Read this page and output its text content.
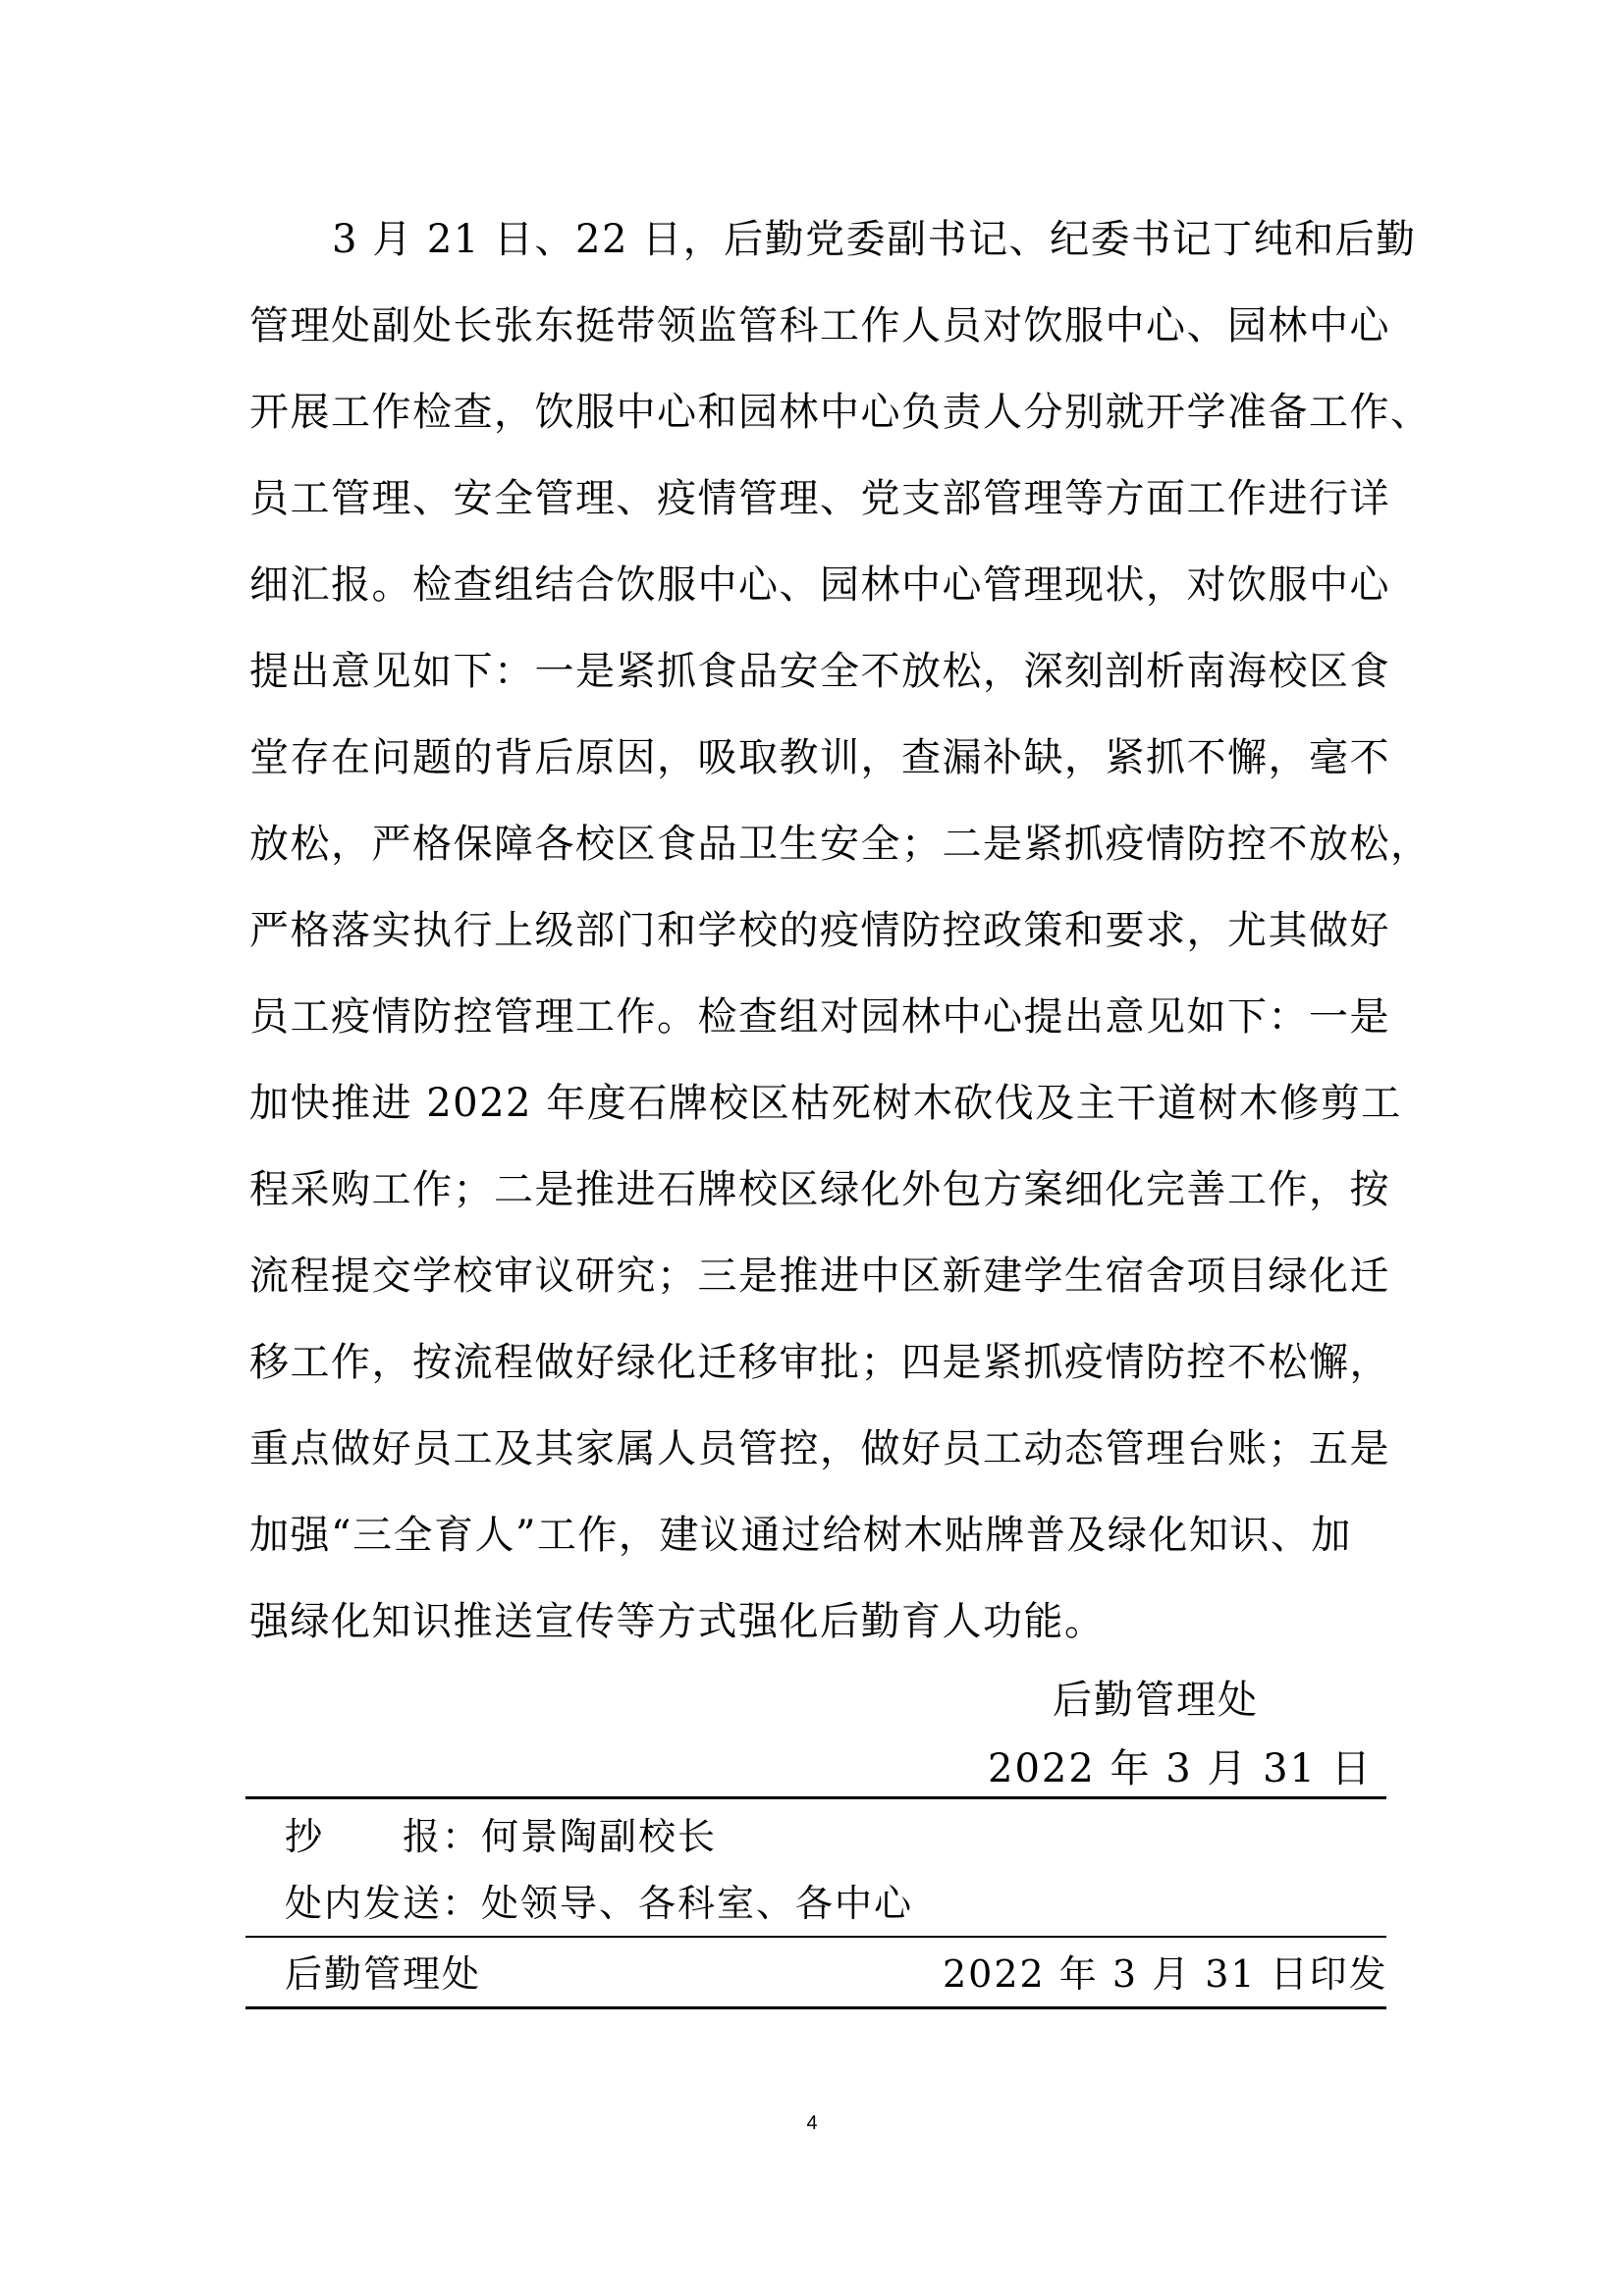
3 月 21 日、22 日，后勤党委副书记、纪委书记丁纯和后勤
管理处副处长张东挺带领监管科工作人员对饮服中心、园林中心
开展工作检查，饮服中心和园林中心负责人分别就开学准备工作、
员工管理、安全管理、疫情管理、党支部管理等方面工作进行详
细汇报。检查组结合饮服中心、园林中心管理现状，对饮服中心
提出意见如下：一是紧抓食品安全不放松，深刻剖析南海校区食
堂存在问题的背后原因，吸取教训，查漏补缺，紧抓不懈，毫不
放松，严格保障各校区食品卫生安全；二是紧抓疫情防控不放松，
严格落实执行上级部门和学校的疫情防控政策和要求，尤其做好
员工疫情防控管理工作。检查组对园林中心提出意见如下：一是
加快推进 2022 年度石牌校区枯死树木砍伐及主干道树木修剪工
程采购工作；二是推进石牌校区绿化外包方案细化完善工作，按
流程提交学校审议研究；三是推进中区新建学生宿舍项目绿化迁
移工作，按流程做好绿化迁移审批；四是紧抓疫情防控不松懈，
重点做好员工及其家属人员管控，做好员工动态管理台账；五是
加强“三全育人”工作，建议通过给树木贴牌普及绿化知识、加
强绿化知识推送宣传等方式强化后勤育人功能。
后勤管理处
2022 年 3 月 31 日
抄　　报：何景陶副校长
处内发送：处领导、各科室、各中心
后勤管理处	2022 年 3 月 31 日印发
4
